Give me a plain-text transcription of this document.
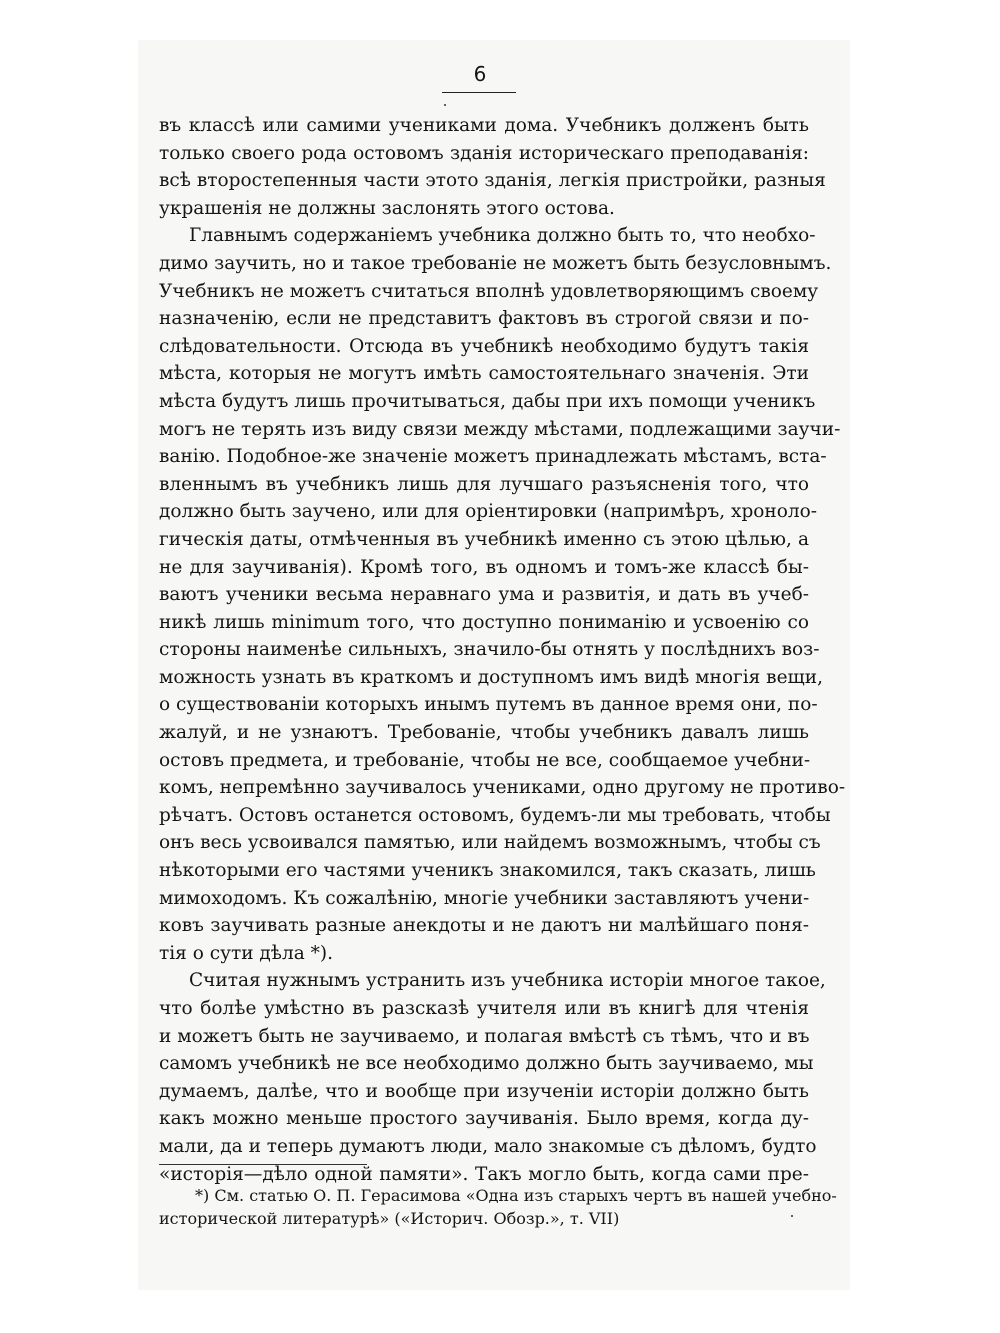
6
въ классѣ или самими учениками дома. Учебникъ долженъ быть
только своего рода остовомъ зданія историческаго преподаванія:
всѣ второстепенныя части этото зданія, легкія пристройки, разныя
украшенія не должны заслонять этого остова.
Главнымъ содержаніемъ учебника должно быть то, что необхо-
димо заучить, но и такое требованіе не можетъ быть безусловнымъ.
Учебникъ не можетъ считаться вполнѣ удовлетворяющимъ своему
назначенію, если не представитъ фактовъ въ строгой связи и по-
слѣдовательности. Отсюда въ учебникѣ необходимо будутъ такія
мѣста, которыя не могутъ имѣть самостоятельнаго значенія. Эти
мѣста будутъ лишь прочитываться, дабы при ихъ помощи ученикъ
могъ не терять изъ виду связи между мѣстами, подлежащими заучи-
ванію. Подобное-же значеніе можетъ принадлежать мѣстамъ, вста-
вленнымъ въ учебникъ лишь для лучшаго разъясненія того, что
должно быть заучено, или для оріентировки (напримѣръ, хроноло-
гическія даты, отмѣченныя въ учебникѣ именно съ этою цѣлью, а
не для заучиванія). Кромѣ того, въ одномъ и томъ-же классѣ бы-
ваютъ ученики весьма неравнаго ума и развитія, и дать въ учеб-
никѣ лишь minimum того, что доступно пониманію и усвоенію со
стороны наименѣе сильныхъ, значило-бы отнять у послѣднихъ воз-
можность узнать въ краткомъ и доступномъ имъ видѣ многія вещи,
о существованіи которыхъ инымъ путемъ въ данное время они, по-
жалуй, и не узнаютъ. Требованіе, чтобы учебникъ давалъ лишь
остовъ предмета, и требованіе, чтобы не все, сообщаемое учебни-
комъ, непремѣнно заучивалось учениками, одно другому не противо-
рѣчатъ. Остовъ останется остовомъ, будемъ-ли мы требовать, чтобы
онъ весь усвоивался памятью, или найдемъ возможнымъ, чтобы съ
нѣкоторыми его частями ученикъ знакомился, такъ сказать, лишь
мимоходомъ. Къ сожалѣнію, многіе учебники заставляютъ учени-
ковъ заучивать разные анекдоты и не даютъ ни малѣйшаго поня-
тія о сути дѣла *).
Считая нужнымъ устранить изъ учебника исторіи многое такое,
что болѣе умѣстно въ разсказѣ учителя или въ книгѣ для чтенія
и можетъ быть не заучиваемо, и полагая вмѣстѣ съ тѣмъ, что и въ
самомъ учебникѣ не все необходимо должно быть заучиваемо, мы
думаемъ, далѣе, что и вообще при изученіи исторіи должно быть
какъ можно меньше простого заучиванія. Было время, когда ду-
мали, да и теперь думаютъ люди, мало знакомые съ дѣломъ, будто
«исторія—дѣло одной памяти». Такъ могло быть, когда сами пре-
*) См. статью О. П. Герасимова «Одна изъ старыхъ чертъ въ нашей учебно-
исторической литературѣ» («Историч. Обозр.», т. VII)
